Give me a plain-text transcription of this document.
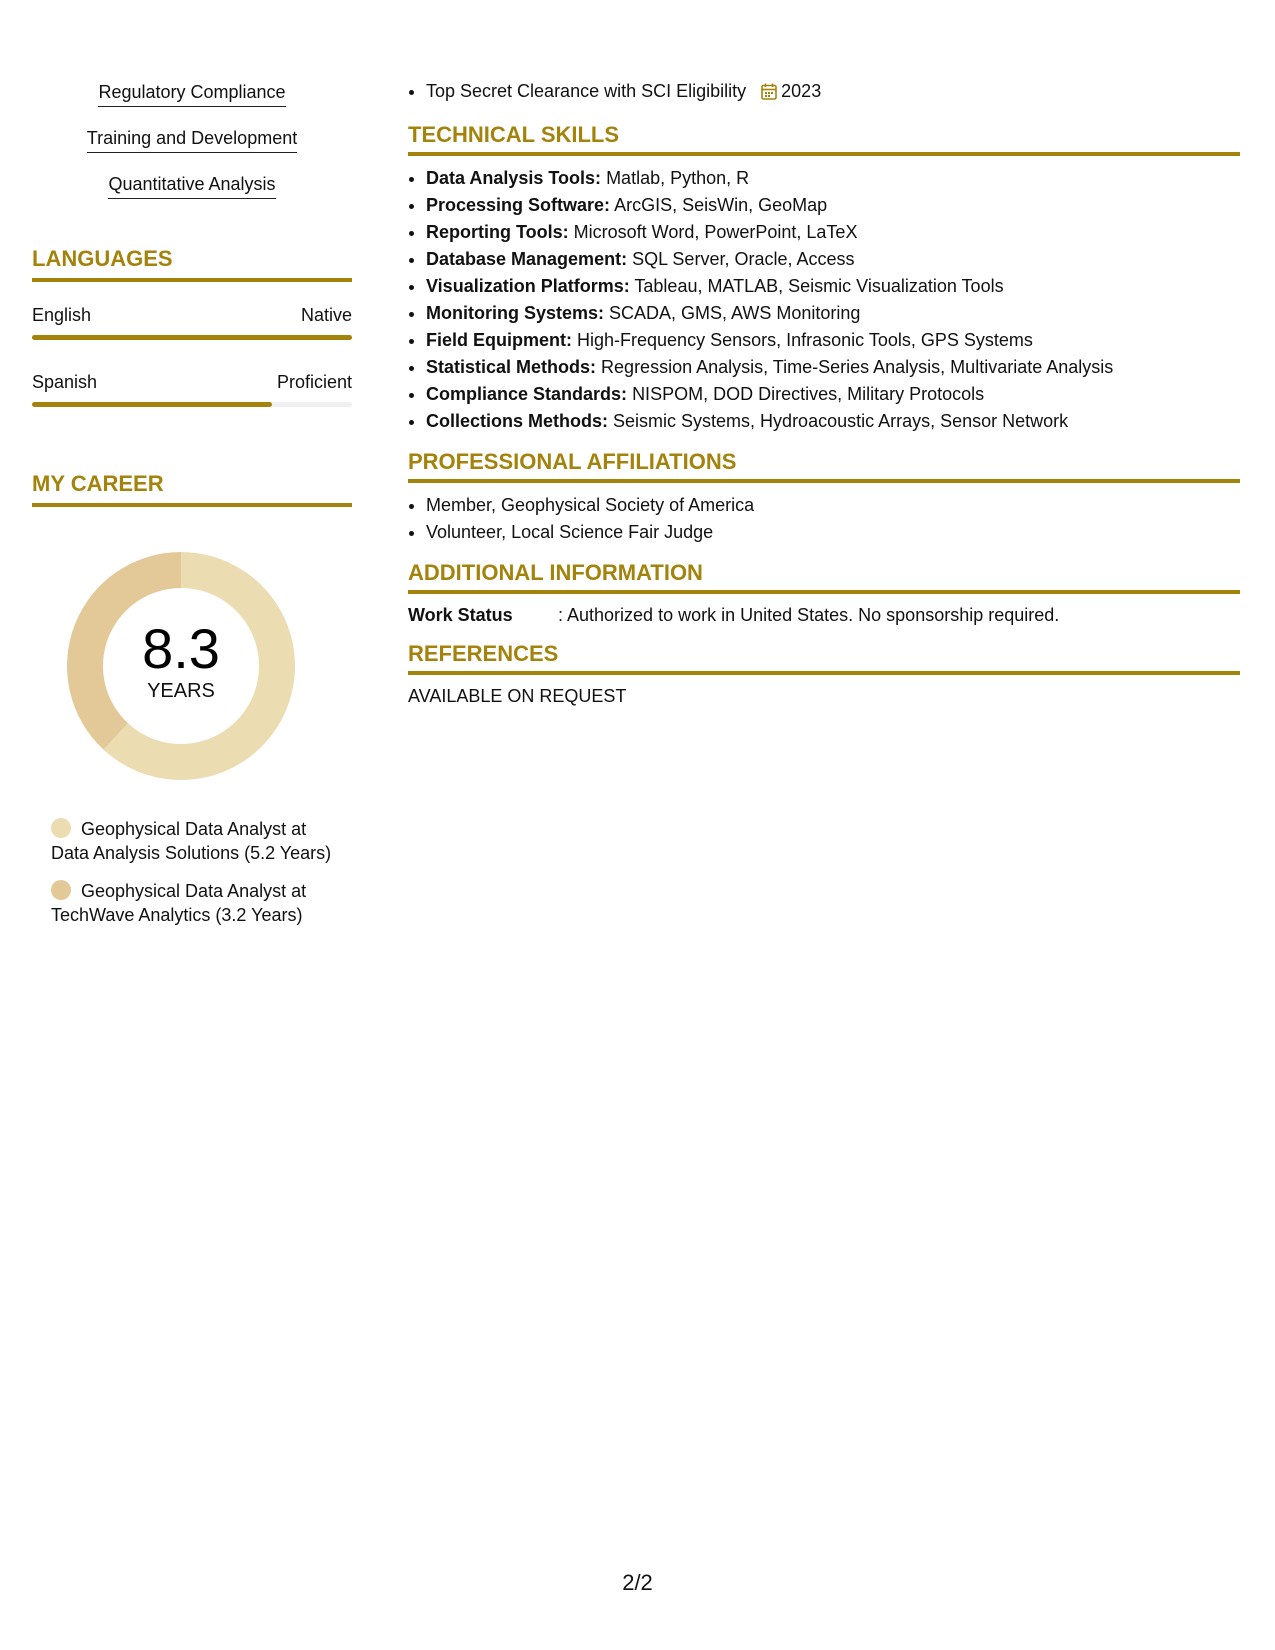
Regulatory Compliance
Training and Development
Quantitative Analysis
LANGUAGES
English	Native
Spanish	Proficient
MY CAREER
8.3
YEARS
Geophysical Data Analyst at Data Analysis Solutions (5.2 Years)
Geophysical Data Analyst at TechWave Analytics (3.2 Years)
• Top Secret Clearance with SCI Eligibility 2023
TECHNICAL SKILLS
• Data Analysis Tools: Matlab, Python, R
• Processing Software: ArcGIS, SeisWin, GeoMap
• Reporting Tools: Microsoft Word, PowerPoint, LaTeX
• Database Management: SQL Server, Oracle, Access
• Visualization Platforms: Tableau, MATLAB, Seismic Visualization Tools
• Monitoring Systems: SCADA, GMS, AWS Monitoring
• Field Equipment: High-Frequency Sensors, Infrasonic Tools, GPS Systems
• Statistical Methods: Regression Analysis, Time-Series Analysis, Multivariate Analysis
• Compliance Standards: NISPOM, DOD Directives, Military Protocols
• Collections Methods: Seismic Systems, Hydroacoustic Arrays, Sensor Network
PROFESSIONAL AFFILIATIONS
• Member, Geophysical Society of America
• Volunteer, Local Science Fair Judge
ADDITIONAL INFORMATION
Work Status	: Authorized to work in United States. No sponsorship required.
REFERENCES
AVAILABLE ON REQUEST
2/2
